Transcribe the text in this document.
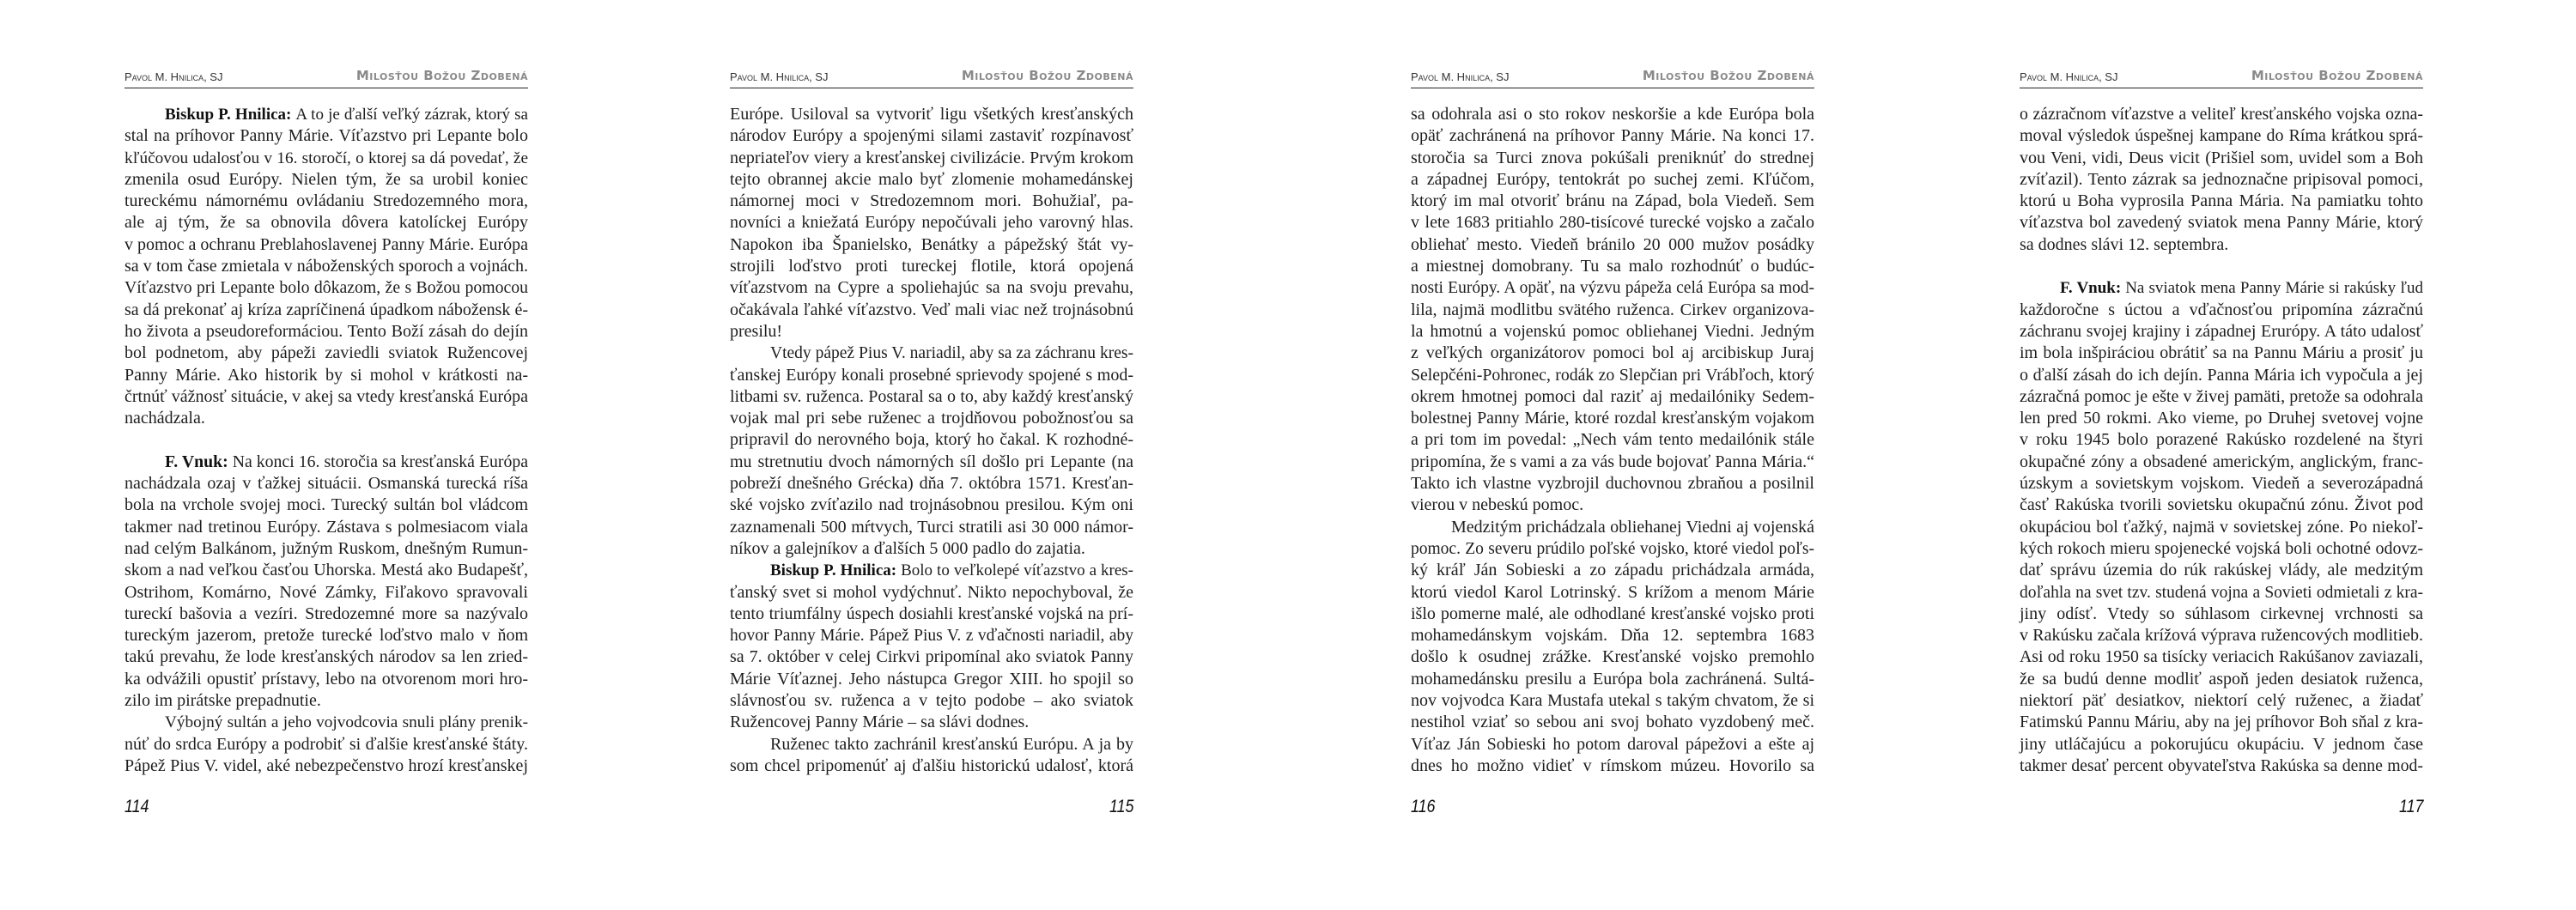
Pavol M. Hnilica, SJ	Milosťou Božou Zdobená
Biskup P. Hnilica: A to je ďalší veľký zázrak, ktorý sa
stal na príhovor Panny Márie. Víťazstvo pri Lepante bolo
kľúčovou udalosťou v 16. storočí, o ktorej sa dá povedať, že
zmenila osud Európy. Nielen tým, že sa urobil koniec
tureckému námornému ovládaniu Stredozemného mora,
ale aj tým, že sa obnovila dôvera katolíckej Európy
v pomoc a ochranu Preblahoslavenej Panny Márie. Európa
sa v tom čase zmietala v náboženských sporoch a vojnách.
Víťazstvo pri Lepante bolo dôkazom, že s Božou pomocou
sa dá prekonať aj kríza zapríčinená úpadkom nábožensk é-
ho života a pseudoreformáciou. Tento Boží zásah do dejín
bol podnetom, aby pápeži zaviedli sviatok Ružencovej
Panny Márie. Ako historik by si mohol v krátkosti na-
črtnúť vážnosť situácie, v akej sa vtedy kresťanská Európa
nachádzala.
F. Vnuk: Na konci 16. storočia sa kresťanská Európa
nachádzala ozaj v ťažkej situácii. Osmanská turecká ríša
bola na vrchole svojej moci. Turecký sultán bol vládcom
takmer nad tretinou Európy. Zástava s polmesiacom viala
nad celým Balkánom, južným Ruskom, dnešným Rumun-
skom a nad veľkou časťou Uhorska. Mestá ako Budapešť,
Ostrihom, Komárno, Nové Zámky, Fiľakovo spravovali
tureckí bašovia a vezíri. Stredozemné more sa nazývalo
tureckým jazerom, pretože turecké loďstvo malo v ňom
takú prevahu, že lode kresťanských národov sa len zried-
ka odvážili opustiť prístavy, lebo na otvorenom mori hro-
zilo im pirátske prepadnutie.
Výbojný sultán a jeho vojvodcovia snuli plány prenik-
núť do srdca Európy a podrobiť si ďalšie kresťanské štáty.
Pápež Pius V. videl, aké nebezpečenstvo hrozí kresťanskej
114
Pavol M. Hnilica, SJ	Milosťou Božou Zdobená
Európe. Usiloval sa vytvoriť ligu všetkých kresťanských
národov Európy a spojenými silami zastaviť rozpínavosť
nepriateľov viery a kresťanskej civilizácie. Prvým krokom
tejto obrannej akcie malo byť zlomenie mohamedánskej
námornej moci v Stredozemnom mori. Bohužiaľ, pa-
novníci a kniežatá Európy nepočúvali jeho varovný hlas.
Napokon iba Španielsko, Benátky a pápežský štát vy-
strojili loďstvo proti tureckej flotile, ktorá opojená
víťazstvom na Cypre a spoliehajúc sa na svoju prevahu,
očakávala ľahké víťazstvo. Veď mali viac než trojnásobnú
presilu!
Vtedy pápež Pius V. nariadil, aby sa za záchranu kres-
ťanskej Európy konali prosebné sprievody spojené s mod-
litbami sv. ruženca. Postaral sa o to, aby každý kresťanský
vojak mal pri sebe ruženec a trojdňovou pobožnosťou sa
pripravil do nerovného boja, ktorý ho čakal. K rozhodné-
mu stretnutiu dvoch námorných síl došlo pri Lepante (na
pobreží dnešného Grécka) dňa 7. októbra 1571. Kresťan-
ské vojsko zvíťazilo nad trojnásobnou presilou. Kým oni
zaznamenali 500 mŕtvych, Turci stratili asi 30 000 námor-
níkov a galejníkov a ďalších 5 000 padlo do zajatia.
Biskup P. Hnilica: Bolo to veľkolepé víťazstvo a kres-
ťanský svet si mohol vydýchnuť. Nikto nepochyboval, že
tento triumfálny úspech dosiahli kresťanské vojská na prí-
hovor Panny Márie. Pápež Pius V. z vďačnosti nariadil, aby
sa 7. október v celej Cirkvi pripomínal ako sviatok Panny
Márie Víťaznej. Jeho nástupca Gregor XIII. ho spojil so
slávnosťou sv. ruženca a v tejto podobe – ako sviatok
Ružencovej Panny Márie – sa slávi dodnes.
Ruženec takto zachránil kresťanskú Európu. A ja by
som chcel pripomenúť aj ďalšiu historickú udalosť, ktorá
115
Pavol M. Hnilica, SJ	Milosťou Božou Zdobená
sa odohrala asi o sto rokov neskoršie a kde Európa bola
opäť zachránená na príhovor Panny Márie. Na konci 17.
storočia sa Turci znova pokúšali preniknúť do strednej
a západnej Európy, tentokrát po suchej zemi. Kľúčom,
ktorý im mal otvoriť bránu na Západ, bola Viedeň. Sem
v lete 1683 pritiahlo 280-tisícové turecké vojsko a začalo
obliehať mesto. Viedeň bránilo 20 000 mužov posádky
a miestnej domobrany. Tu sa malo rozhodnúť o budúc-
nosti Európy. A opäť, na výzvu pápeža celá Európa sa mod-
lila, najmä modlitbu svätého ruženca. Cirkev organizova-
la hmotnú a vojenskú pomoc obliehanej Viedni. Jedným
z veľkých organizátorov pomoci bol aj arcibiskup Juraj
Selepčéni-Pohronec, rodák zo Slepčian pri Vrábľoch, ktorý
okrem hmotnej pomoci dal raziť aj medailóniky Sedem-
bolestnej Panny Márie, ktoré rozdal kresťanským vojakom
a pri tom im povedal: „Nech vám tento medailónik stále
pripomína, že s vami a za vás bude bojovať Panna Mária.“
Takto ich vlastne vyzbrojil duchovnou zbraňou a posilnil
vierou v nebeskú pomoc.
Medzitým prichádzala obliehanej Viedni aj vojenská
pomoc. Zo severu prúdilo poľské vojsko, ktoré viedol poľs-
ký kráľ Ján Sobieski a zo západu prichádzala armáda,
ktorú viedol Karol Lotrinský. S krížom a menom Márie
išlo pomerne malé, ale odhodlané kresťanské vojsko proti
mohamedánskym vojskám. Dňa 12. septembra 1683
došlo k osudnej zrážke. Kresťanské vojsko premohlo
mohamedánsku presilu a Európa bola zachránená. Sultá-
nov vojvodca Kara Mustafa utekal s takým chvatom, že si
nestihol vziať so sebou ani svoj bohato vyzdobený meč.
Víťaz Ján Sobieski ho potom daroval pápežovi a ešte aj
dnes ho možno vidieť v rímskom múzeu. Hovorilo sa
116
Pavol M. Hnilica, SJ	Milosťou Božou Zdobená
o zázračnom víťazstve a veliteľ kresťanského vojska ozna-
moval výsledok úspešnej kampane do Ríma krátkou sprá-
vou Veni, vidi, Deus vicit (Prišiel som, uvidel som a Boh
zvíťazil). Tento zázrak sa jednoznačne pripisoval pomoci,
ktorú u Boha vyprosila Panna Mária. Na pamiatku tohto
víťazstva bol zavedený sviatok mena Panny Márie, ktorý
sa dodnes slávi 12. septembra.
F. Vnuk: Na sviatok mena Panny Márie si rakúsky ľud
každoročne s úctou a vďačnosťou pripomína zázračnú
záchranu svojej krajiny i západnej Erurópy. A táto udalosť
im bola inšpiráciou obrátiť sa na Pannu Máriu a prosiť ju
o ďalší zásah do ich dejín. Panna Mária ich vypočula a jej
zázračná pomoc je ešte v živej pamäti, pretože sa odohrala
len pred 50 rokmi. Ako vieme, po Druhej svetovej vojne
v roku 1945 bolo porazené Rakúsko rozdelené na štyri
okupačné zóny a obsadené americkým, anglickým, franc-
úzskym a sovietskym vojskom. Viedeň a severozápadná
časť Rakúska tvorili sovietsku okupačnú zónu. Život pod
okupáciou bol ťažký, najmä v sovietskej zóne. Po niekoľ-
kých rokoch mieru spojenecké vojská boli ochotné odovz-
dať správu územia do rúk rakúskej vlády, ale medzitým
doľahla na svet tzv. studená vojna a Sovieti odmietali z kra-
jiny odísť. Vtedy so súhlasom cirkevnej vrchnosti sa
v Rakúsku začala krížová výprava ružencových modlitieb.
Asi od roku 1950 sa tisícky veriacich Rakúšanov zaviazali,
že sa budú denne modliť aspoň jeden desiatok ruženca,
niektorí päť desiatkov, niektorí celý ruženec, a žiadať
Fatimskú Pannu Máriu, aby na jej príhovor Boh sňal z kra-
jiny utláčajúcu a pokorujúcu okupáciu. V jednom čase
takmer desať percent obyvateľstva Rakúska sa denne mod-
117
